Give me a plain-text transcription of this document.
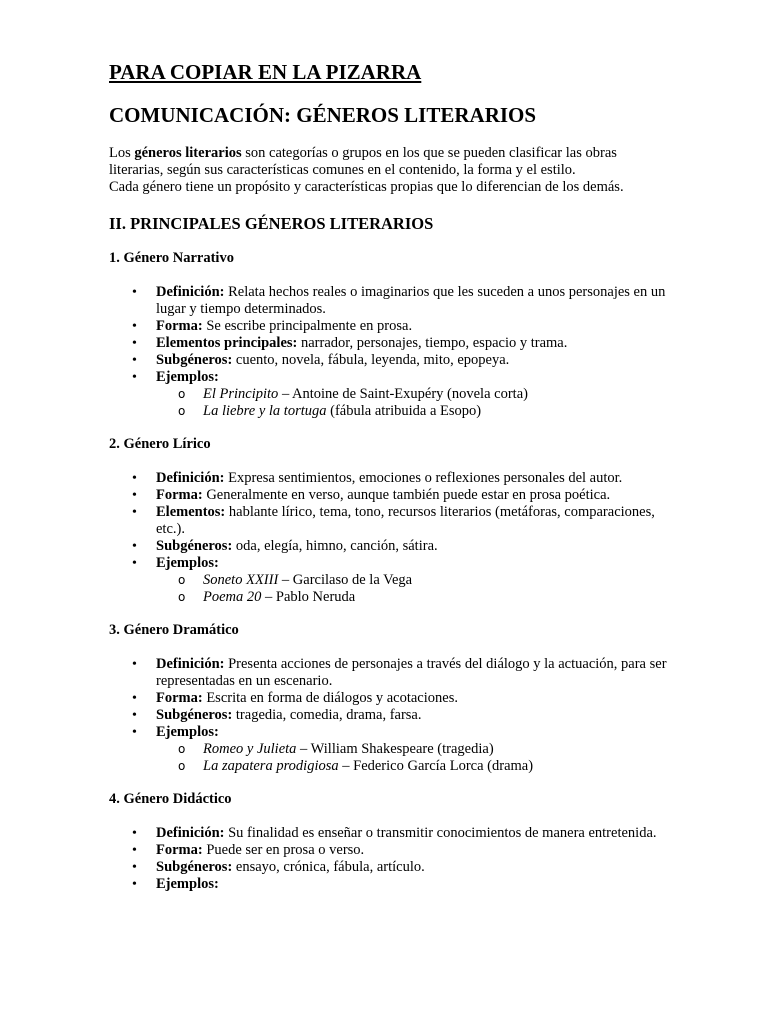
PARA COPIAR EN LA PIZARRA
COMUNICACIÓN: GÉNEROS LITERARIOS

Los géneros literarios son categorías o grupos en los que se pueden clasificar las obras literarias, según sus características comunes en el contenido, la forma y el estilo.

Cada género tiene un propósito y características propias que lo diferencian de los demás.

II. PRINCIPALES GÉNEROS LITERARIOS
1. Género Narrativo
• Definición: Relata hechos reales o imaginarios que les suceden a unos personajes en un lugar y tiempo determinados.
• Forma: Se escribe principalmente en prosa.
• Elementos principales: narrador, personajes, tiempo, espacio y trama.
• Subgéneros: cuento, novela, fábula, leyenda, mito, epopeya.
• Ejemplos:
o El Principito – Antoine de Saint-Exupéry (novela corta)
o La liebre y la tortuga (fábula atribuida a Esopo)
2. Género Lírico
• Definición: Expresa sentimientos, emociones o reflexiones personales del autor.
• Forma: Generalmente en verso, aunque también puede estar en prosa poética.
• Elementos: hablante lírico, tema, tono, recursos literarios (metáforas, comparaciones, etc.).
• Subgéneros: oda, elegía, himno, canción, sátira.
• Ejemplos:
o Soneto XXIII – Garcilaso de la Vega
o Poema 20 – Pablo Neruda
3. Género Dramático
• Definición: Presenta acciones de personajes a través del diálogo y la actuación, para ser representadas en un escenario.
• Forma: Escrita en forma de diálogos y acotaciones.
• Subgéneros: tragedia, comedia, drama, farsa.
• Ejemplos:
o Romeo y Julieta – William Shakespeare (tragedia)
o La zapatera prodigiosa – Federico García Lorca (drama)
4. Género Didáctico
• Definición: Su finalidad es enseñar o transmitir conocimientos de manera entretenida.
• Forma: Puede ser en prosa o verso.
• Subgéneros: ensayo, crónica, fábula, artículo.
• Ejemplos:
